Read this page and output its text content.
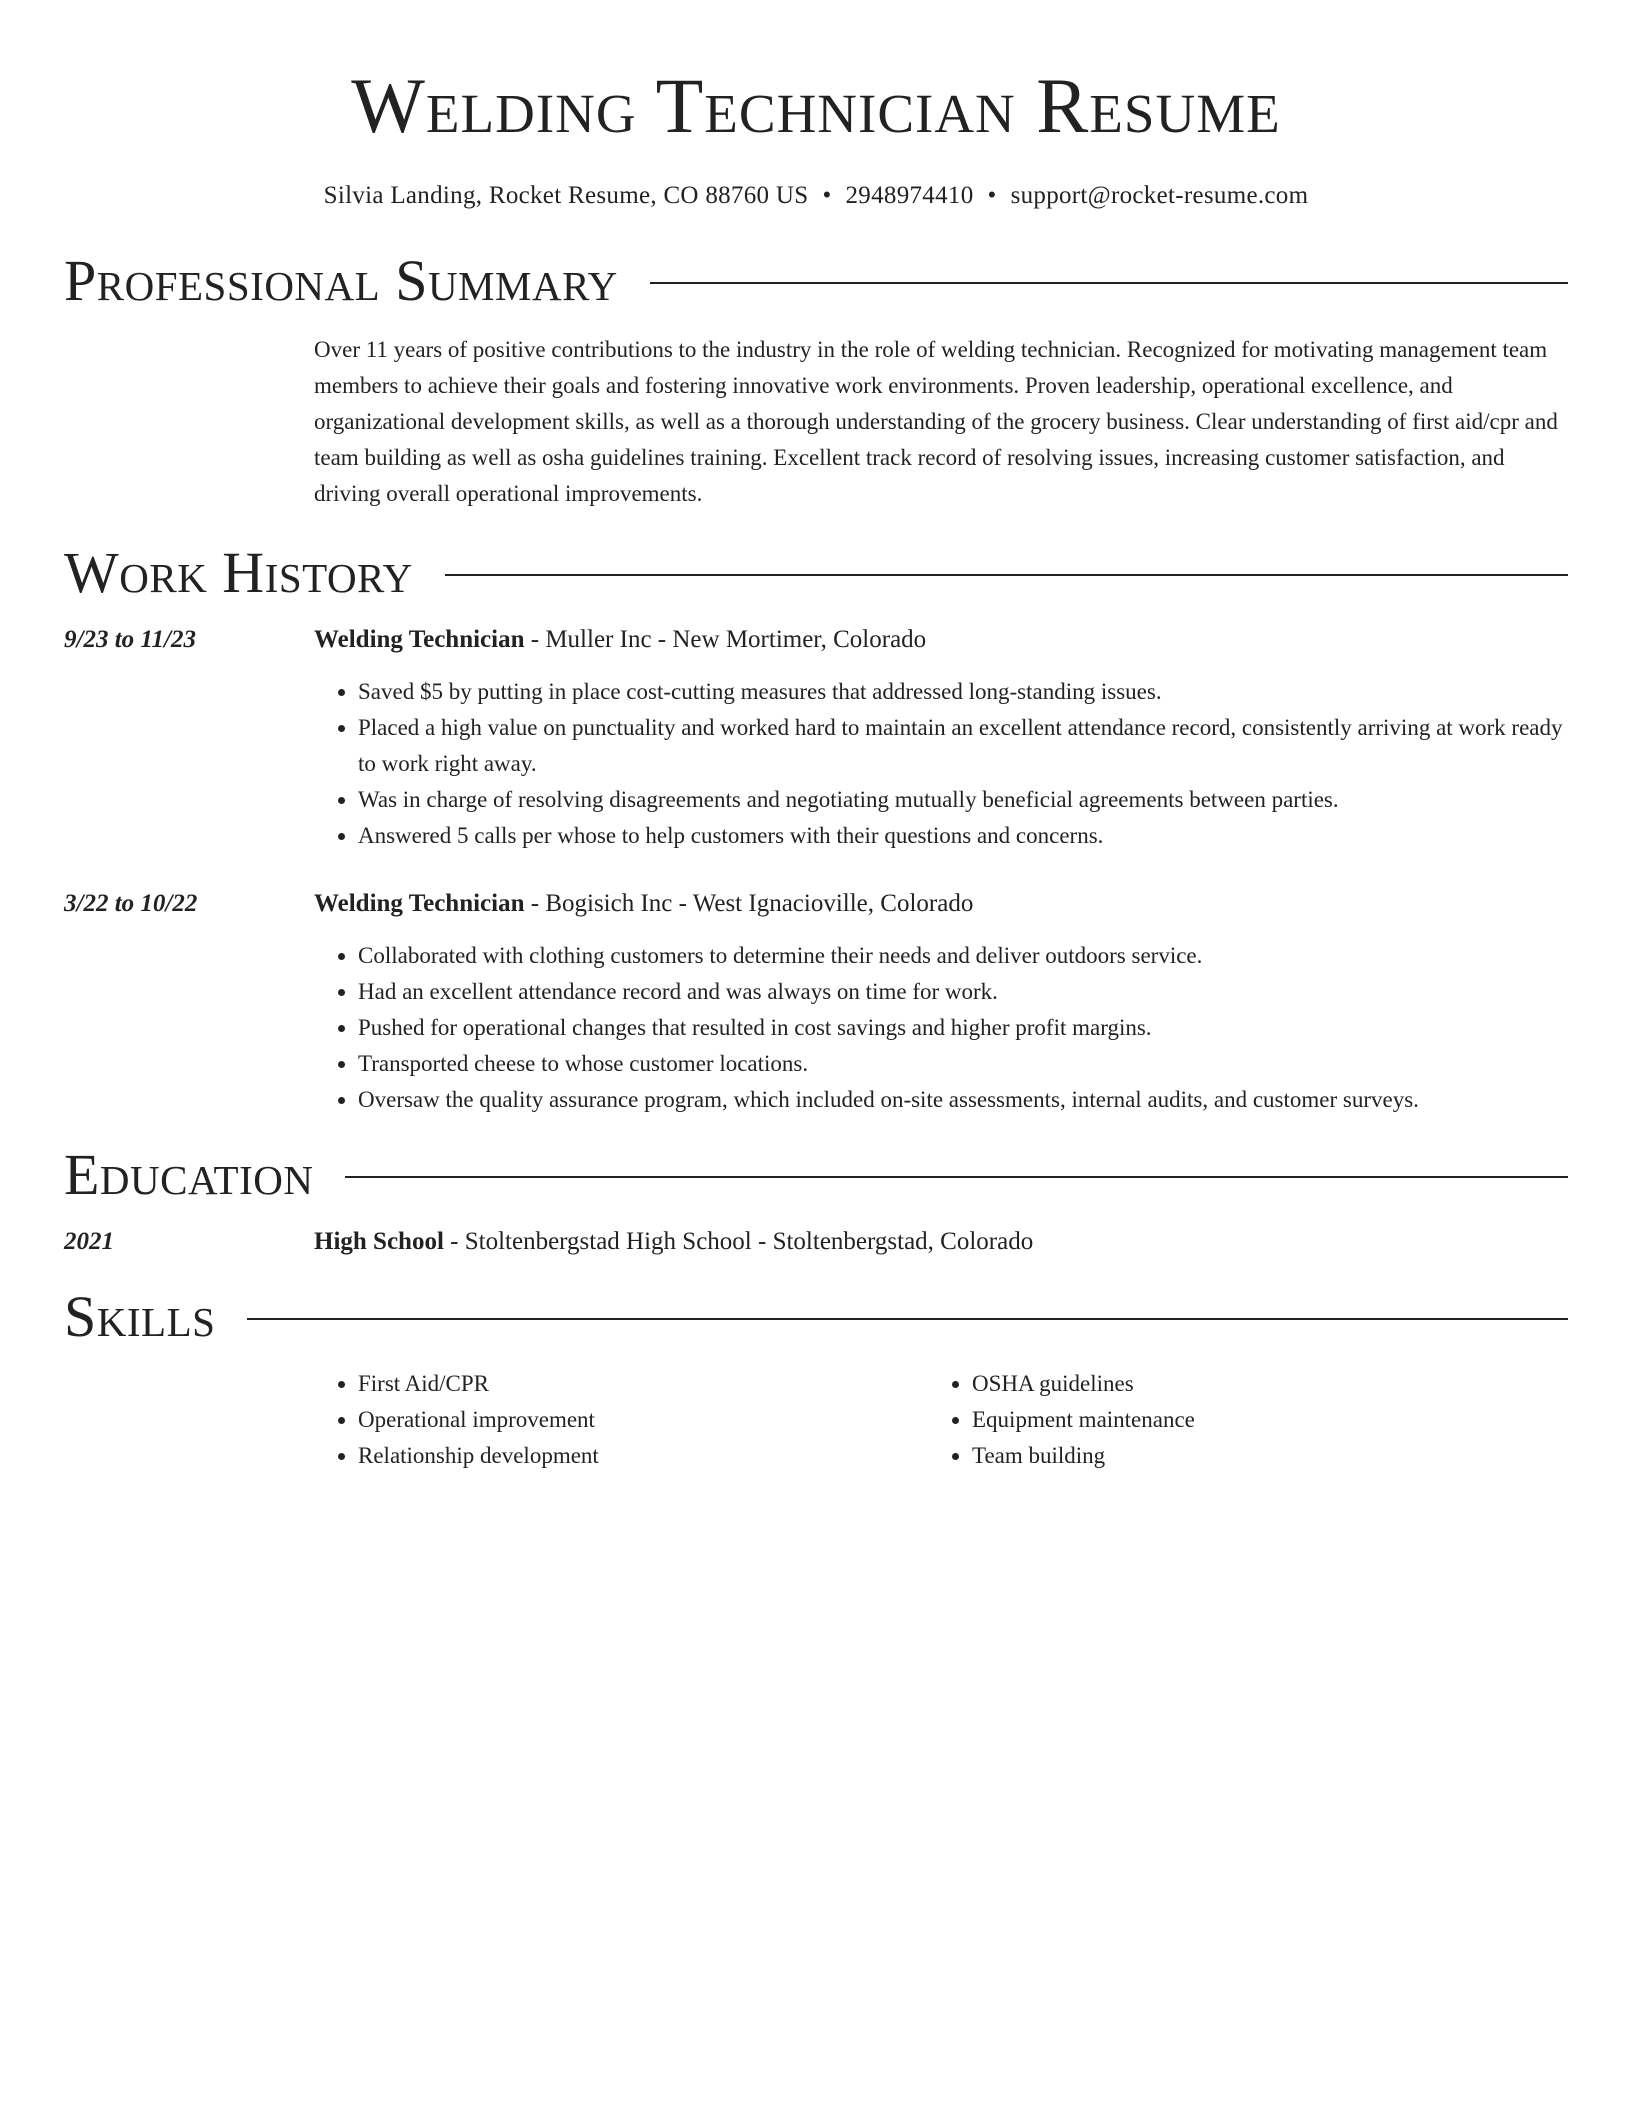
Welding Technician Resume
Silvia Landing, Rocket Resume, CO 88760 US • 2948974410 • support@rocket-resume.com
Professional Summary
Over 11 years of positive contributions to the industry in the role of welding technician. Recognized for motivating management team members to achieve their goals and fostering innovative work environments. Proven leadership, operational excellence, and organizational development skills, as well as a thorough understanding of the grocery business. Clear understanding of first aid/cpr and team building as well as osha guidelines training. Excellent track record of resolving issues, increasing customer satisfaction, and driving overall operational improvements.
Work History
9/23 to 11/23	Welding Technician - Muller Inc - New Mortimer, Colorado
• Saved $5 by putting in place cost-cutting measures that addressed long-standing issues.
• Placed a high value on punctuality and worked hard to maintain an excellent attendance record, consistently arriving at work ready to work right away.
• Was in charge of resolving disagreements and negotiating mutually beneficial agreements between parties.
• Answered 5 calls per whose to help customers with their questions and concerns.
3/22 to 10/22	Welding Technician - Bogisich Inc - West Ignacioville, Colorado
• Collaborated with clothing customers to determine their needs and deliver outdoors service.
• Had an excellent attendance record and was always on time for work.
• Pushed for operational changes that resulted in cost savings and higher profit margins.
• Transported cheese to whose customer locations.
• Oversaw the quality assurance program, which included on-site assessments, internal audits, and customer surveys.
Education
2021	High School - Stoltenbergstad High School - Stoltenbergstad, Colorado
Skills
• First Aid/CPR
• Operational improvement
• Relationship development
• OSHA guidelines
• Equipment maintenance
• Team building
